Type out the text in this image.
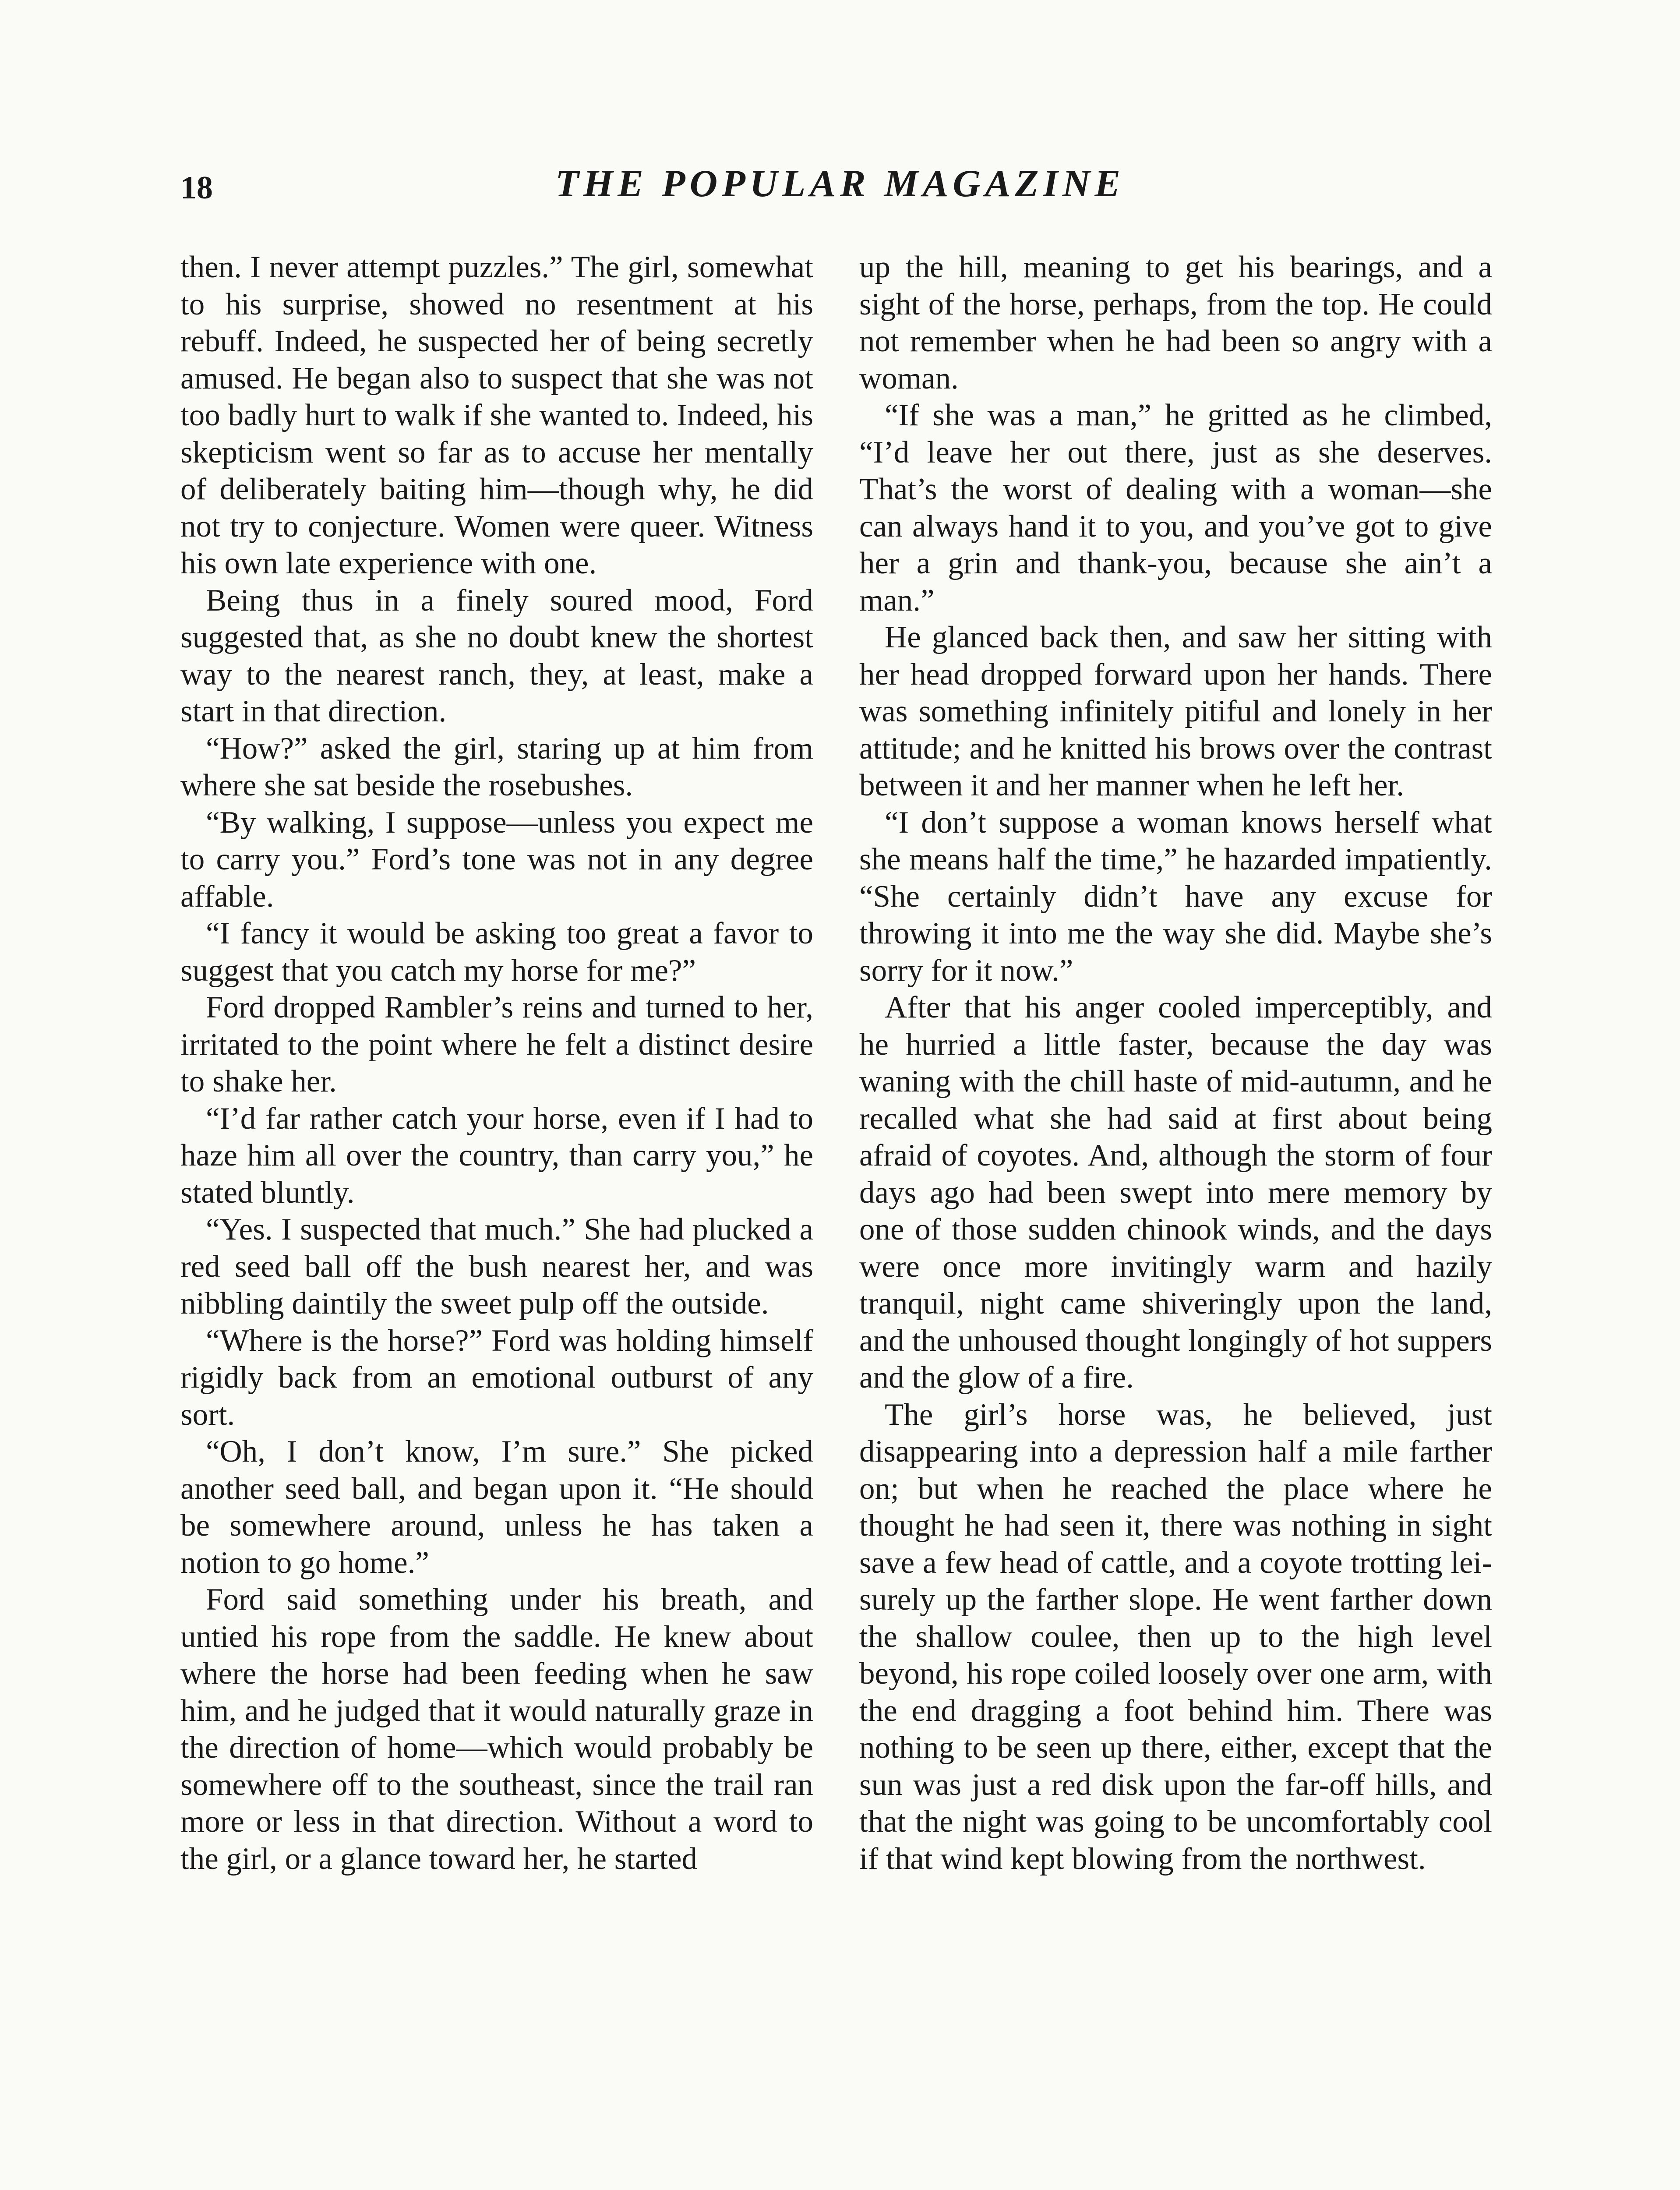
18	THE POPULAR MAGAZINE

then. I never attempt puzzles.” The girl, somewhat to his surprise, showed no resentment at his rebuff. Indeed, he suspected her of being secretly amused. He began also to suspect that she was not too badly hurt to walk if she wanted to. Indeed, his skepticism went so far as to accuse her mentally of deliberately baiting him—though why, he did not try to conjecture. Women were queer. Witness his own late experience with one.

Being thus in a finely soured mood, Ford suggested that, as she no doubt knew the shortest way to the nearest ranch, they, at least, make a start in that direction.

“How?” asked the girl, staring up at him from where she sat beside the rosebushes.

“By walking, I suppose—unless you expect me to carry you.” Ford’s tone was not in any degree affable.

“I fancy it would be asking too great a favor to suggest that you catch my horse for me?”

Ford dropped Rambler’s reins and turned to her, irritated to the point where he felt a distinct desire to shake her.

“I’d far rather catch your horse, even if I had to haze him all over the country, than carry you,” he stated bluntly.

“Yes. I suspected that much.” She had plucked a red seed ball off the bush nearest her, and was nibbling daintily the sweet pulp off the outside.

“Where is the horse?” Ford was holding himself rigidly back from an emotional outburst of any sort.

“Oh, I don’t know, I’m sure.” She picked another seed ball, and began upon it. “He should be somewhere around, unless he has taken a notion to go home.”

Ford said something under his breath, and untied his rope from the saddle. He knew about where the horse had been feeding when he saw him, and he judged that it would naturally graze in the direction of home—which would probably be somewhere off to the southeast, since the trail ran more or less in that direction. Without a word to the girl, or a glance toward her, he started

up the hill, meaning to get his bearings, and a sight of the horse, perhaps, from the top. He could not remember when he had been so angry with a woman.

“If she was a man,” he gritted as he climbed, “I’d leave her out there, just as she deserves. That’s the worst of dealing with a woman—she can always hand it to you, and you’ve got to give her a grin and thank-you, because she ain’t a man.”

He glanced back then, and saw her sitting with her head dropped forward upon her hands. There was something infinitely pitiful and lonely in her attitude; and he knitted his brows over the contrast between it and her manner when he left her.

“I don’t suppose a woman knows herself what she means half the time,” he hazarded impatiently. “She certainly didn’t have any excuse for throwing it into me the way she did. Maybe she’s sorry for it now.”

After that his anger cooled imperceptibly, and he hurried a little faster, because the day was waning with the chill haste of mid-autumn, and he recalled what she had said at first about being afraid of coyotes. And, although the storm of four days ago had been swept into mere memory by one of those sudden chinook winds, and the days were once more invitingly warm and hazily tranquil, night came shiveringly upon the land, and the unhoused thought longingly of hot suppers and the glow of a fire.

The girl’s horse was, he believed, just disappearing into a depression half a mile farther on; but when he reached the place where he thought he had seen it, there was nothing in sight save a few head of cattle, and a coyote trotting leisurely up the farther slope. He went farther down the shallow coulee, then up to the high level beyond, his rope coiled loosely over one arm, with the end dragging a foot behind him. There was nothing to be seen up there, either, except that the sun was just a red disk upon the far-off hills, and that the night was going to be uncomfortably cool if that wind kept blowing from the northwest.
